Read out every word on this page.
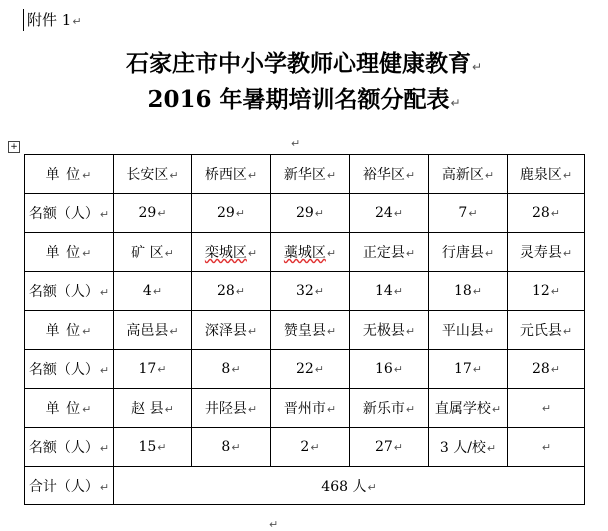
附件 1↵
石家庄市中小学教师心理健康教育↵
2016 年暑期培训名额分配表↵
+	↵
单 位↵	长安区↵	桥西区↵	新华区↵	裕华区↵	高新区↵	鹿泉区↵
名额（人）↵	29↵	29↵	29↵	24↵	7↵	28↵
单 位↵	矿 区↵	栾城区↵	藁城区↵	正定县↵	行唐县↵	灵寿县↵
名额（人）↵	4↵	28↵	32↵	14↵	18↵	12↵
单 位↵	高邑县↵	深泽县↵	赞皇县↵	无极县↵	平山县↵	元氏县↵
名额（人）↵	17↵	8↵	22↵	16↵	17↵	28↵
单 位↵	赵 县↵	井陉县↵	晋州市↵	新乐市↵	直属学校↵	↵
名额（人）↵	15↵	8↵	2↵	27↵	3 人/校↵	↵
合计（人）↵	468 人↵					
↵
